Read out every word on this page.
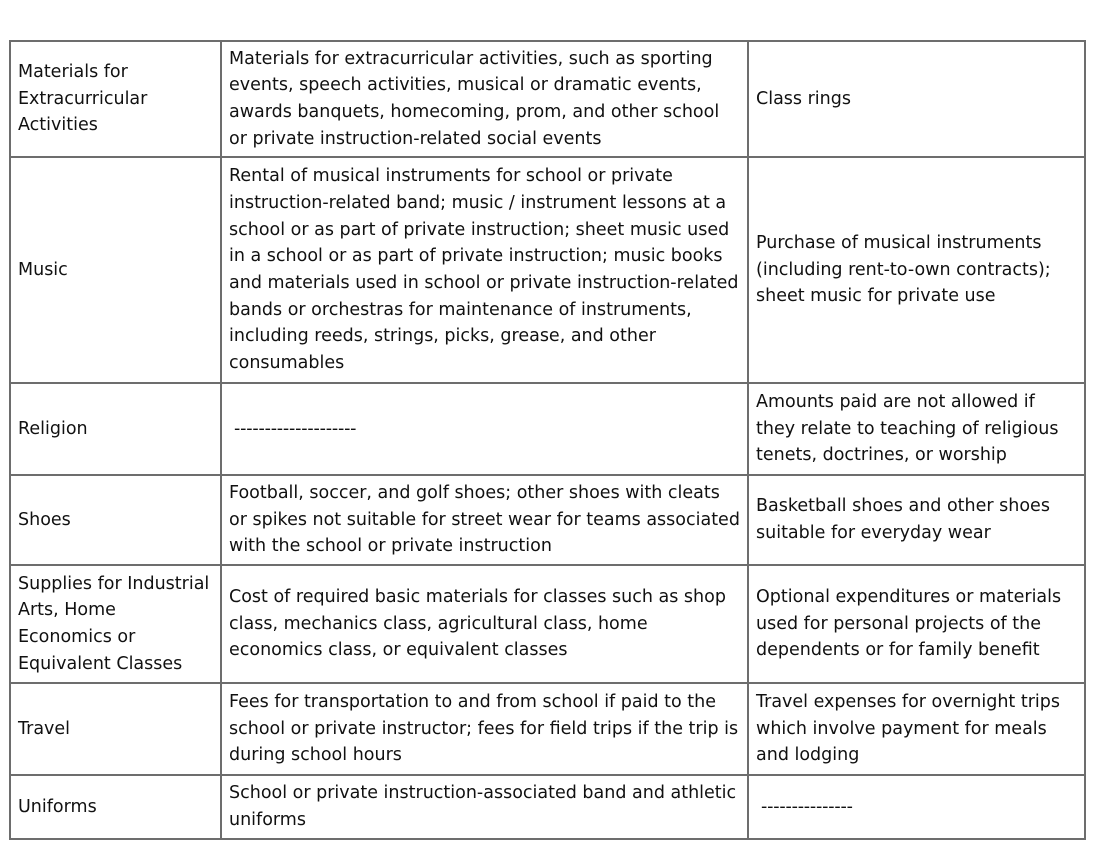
Materials for Extracurricular Activities	Materials for extracurricular activities, such as sporting events, speech activities, musical or dramatic events, awards banquets, homecoming, prom, and other school or private instruction-related social events	Class rings
Music	Rental of musical instruments for school or private instruction-related band; music / instrument lessons at a school or as part of private instruction; sheet music used in a school or as part of private instruction; music books and materials used in school or private instruction-related bands or orchestras for maintenance of instruments, including reeds, strings, picks, grease, and other consumables	Purchase of musical instruments (including rent-to-own contracts); sheet music for private use
Religion	--------------------	Amounts paid are not allowed if they relate to teaching of religious tenets, doctrines, or worship
Shoes	Football, soccer, and golf shoes; other shoes with cleats or spikes not suitable for street wear for teams associated with the school or private instruction	Basketball shoes and other shoes suitable for everyday wear
Supplies for Industrial Arts, Home Economics or Equivalent Classes	Cost of required basic materials for classes such as shop class, mechanics class, agricultural class, home economics class, or equivalent classes	Optional expenditures or materials used for personal projects of the dependents or for family benefit
Travel	Fees for transportation to and from school if paid to the school or private instructor; fees for field trips if the trip is during school hours	Travel expenses for overnight trips which involve payment for meals and lodging
Uniforms	School or private instruction-associated band and athletic uniforms	---------------
